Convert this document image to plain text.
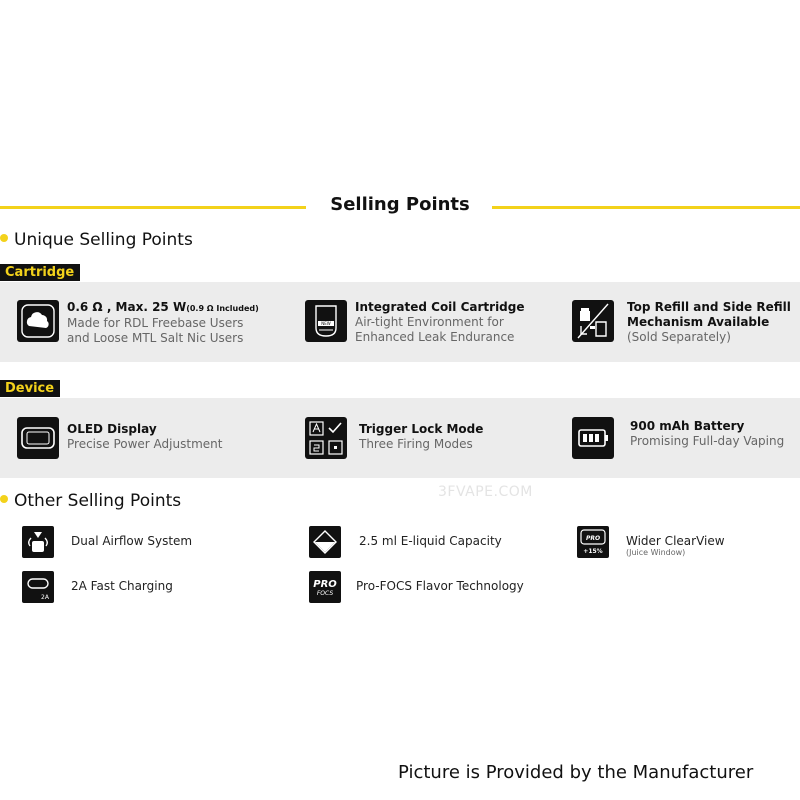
Selling Points
Unique Selling Points
Cartridge
0.6 Ω , Max. 25 W(0.9 Ω Included)
Made for RDL Freebase Users
and Loose MTL Salt Nic Users
NEW
Integrated Coil Cartridge
Air-tight Environment for
Enhanced Leak Endurance
Top Refill and Side Refill
Mechanism Available
(Sold Separately)
Device
OLED Display
Precise Power Adjustment
Trigger Lock Mode
Three Firing Modes
900 mAh Battery
Promising Full-day Vaping
Other Selling Points	3FVAPE.COM
Dual Airflow System	2.5 ml E-liquid Capacity	PRO
+15%
Wider ClearView
(Juice Window)
2A
2A Fast Charging	PRO
FOCS
Pro-FOCS Flavor Technology
Picture is Provided by the Manufacturer
